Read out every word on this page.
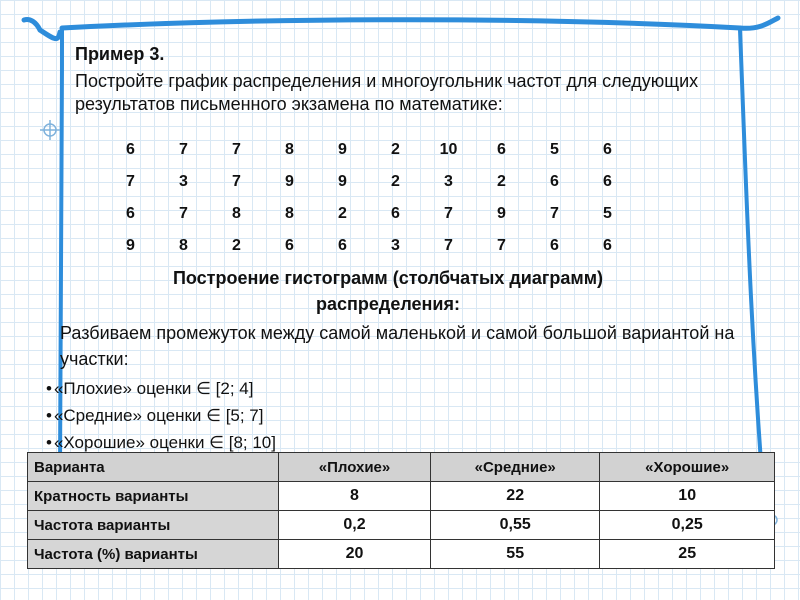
Пример 3.

Постройте график распределения и многоугольник частот для следующих результатов письменного экзамена по математике:

6	7	7	8	9	2	10	6	5	6
7	3	7	9	9	2	3	2	6	6
6	7	8	8	2	6	7	9	7	5
9	8	2	6	6	3	7	7	6	6

Построение гистограмм (столбчатых диаграмм) распределения:

Разбиваем промежуток между самой маленькой и самой большой вариантой на участки:

• «Плохие» оценки ∈ [2; 4]
• «Средние» оценки ∈ [5; 7]
• «Хорошие» оценки ∈ [8; 10]
Варианта	«Плохие»	«Средние»	«Хорошие»
Кратность варианты	8	22	10
Частота варианты	0,2	0,55	0,25
Частота (%) варианты	20	55	25
